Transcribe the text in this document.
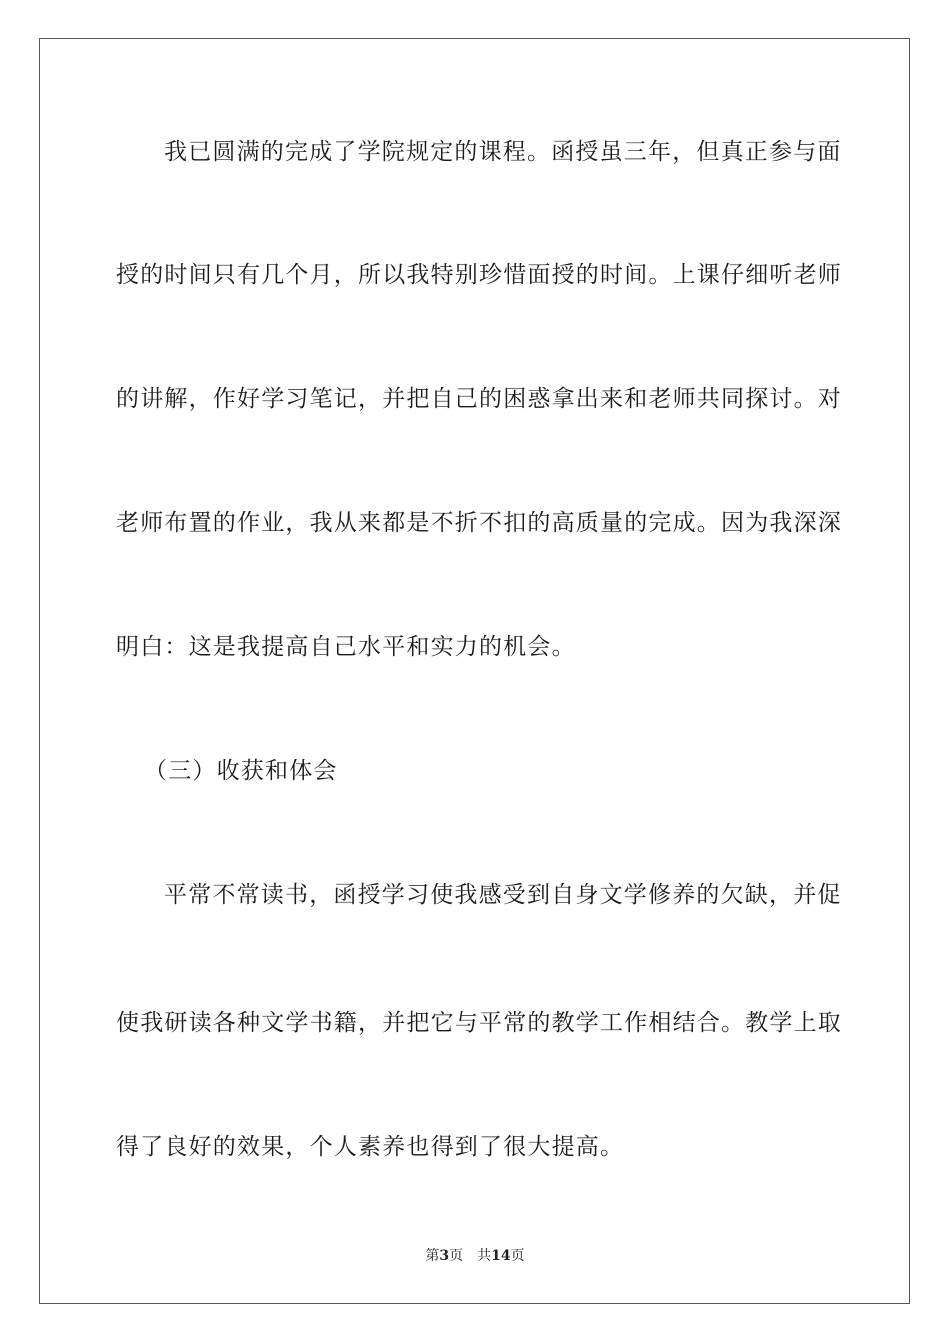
我已圆满的完成了学院规定的课程。函授虽三年，但真正参与面
授的时间只有几个月，所以我特别珍惜面授的时间。上课仔细听老师
的讲解，作好学习笔记，并把自己的困惑拿出来和老师共同探讨。对
老师布置的作业，我从来都是不折不扣的高质量的完成。因为我深深
明白：这是我提高自己水平和实力的机会。
（三）收获和体会
平常不常读书，函授学习使我感受到自身文学修养的欠缺，并促
使我研读各种文学书籍，并把它与平常的教学工作相结合。教学上取
得了良好的效果，个人素养也得到了很大提高。
第3页 共14页
